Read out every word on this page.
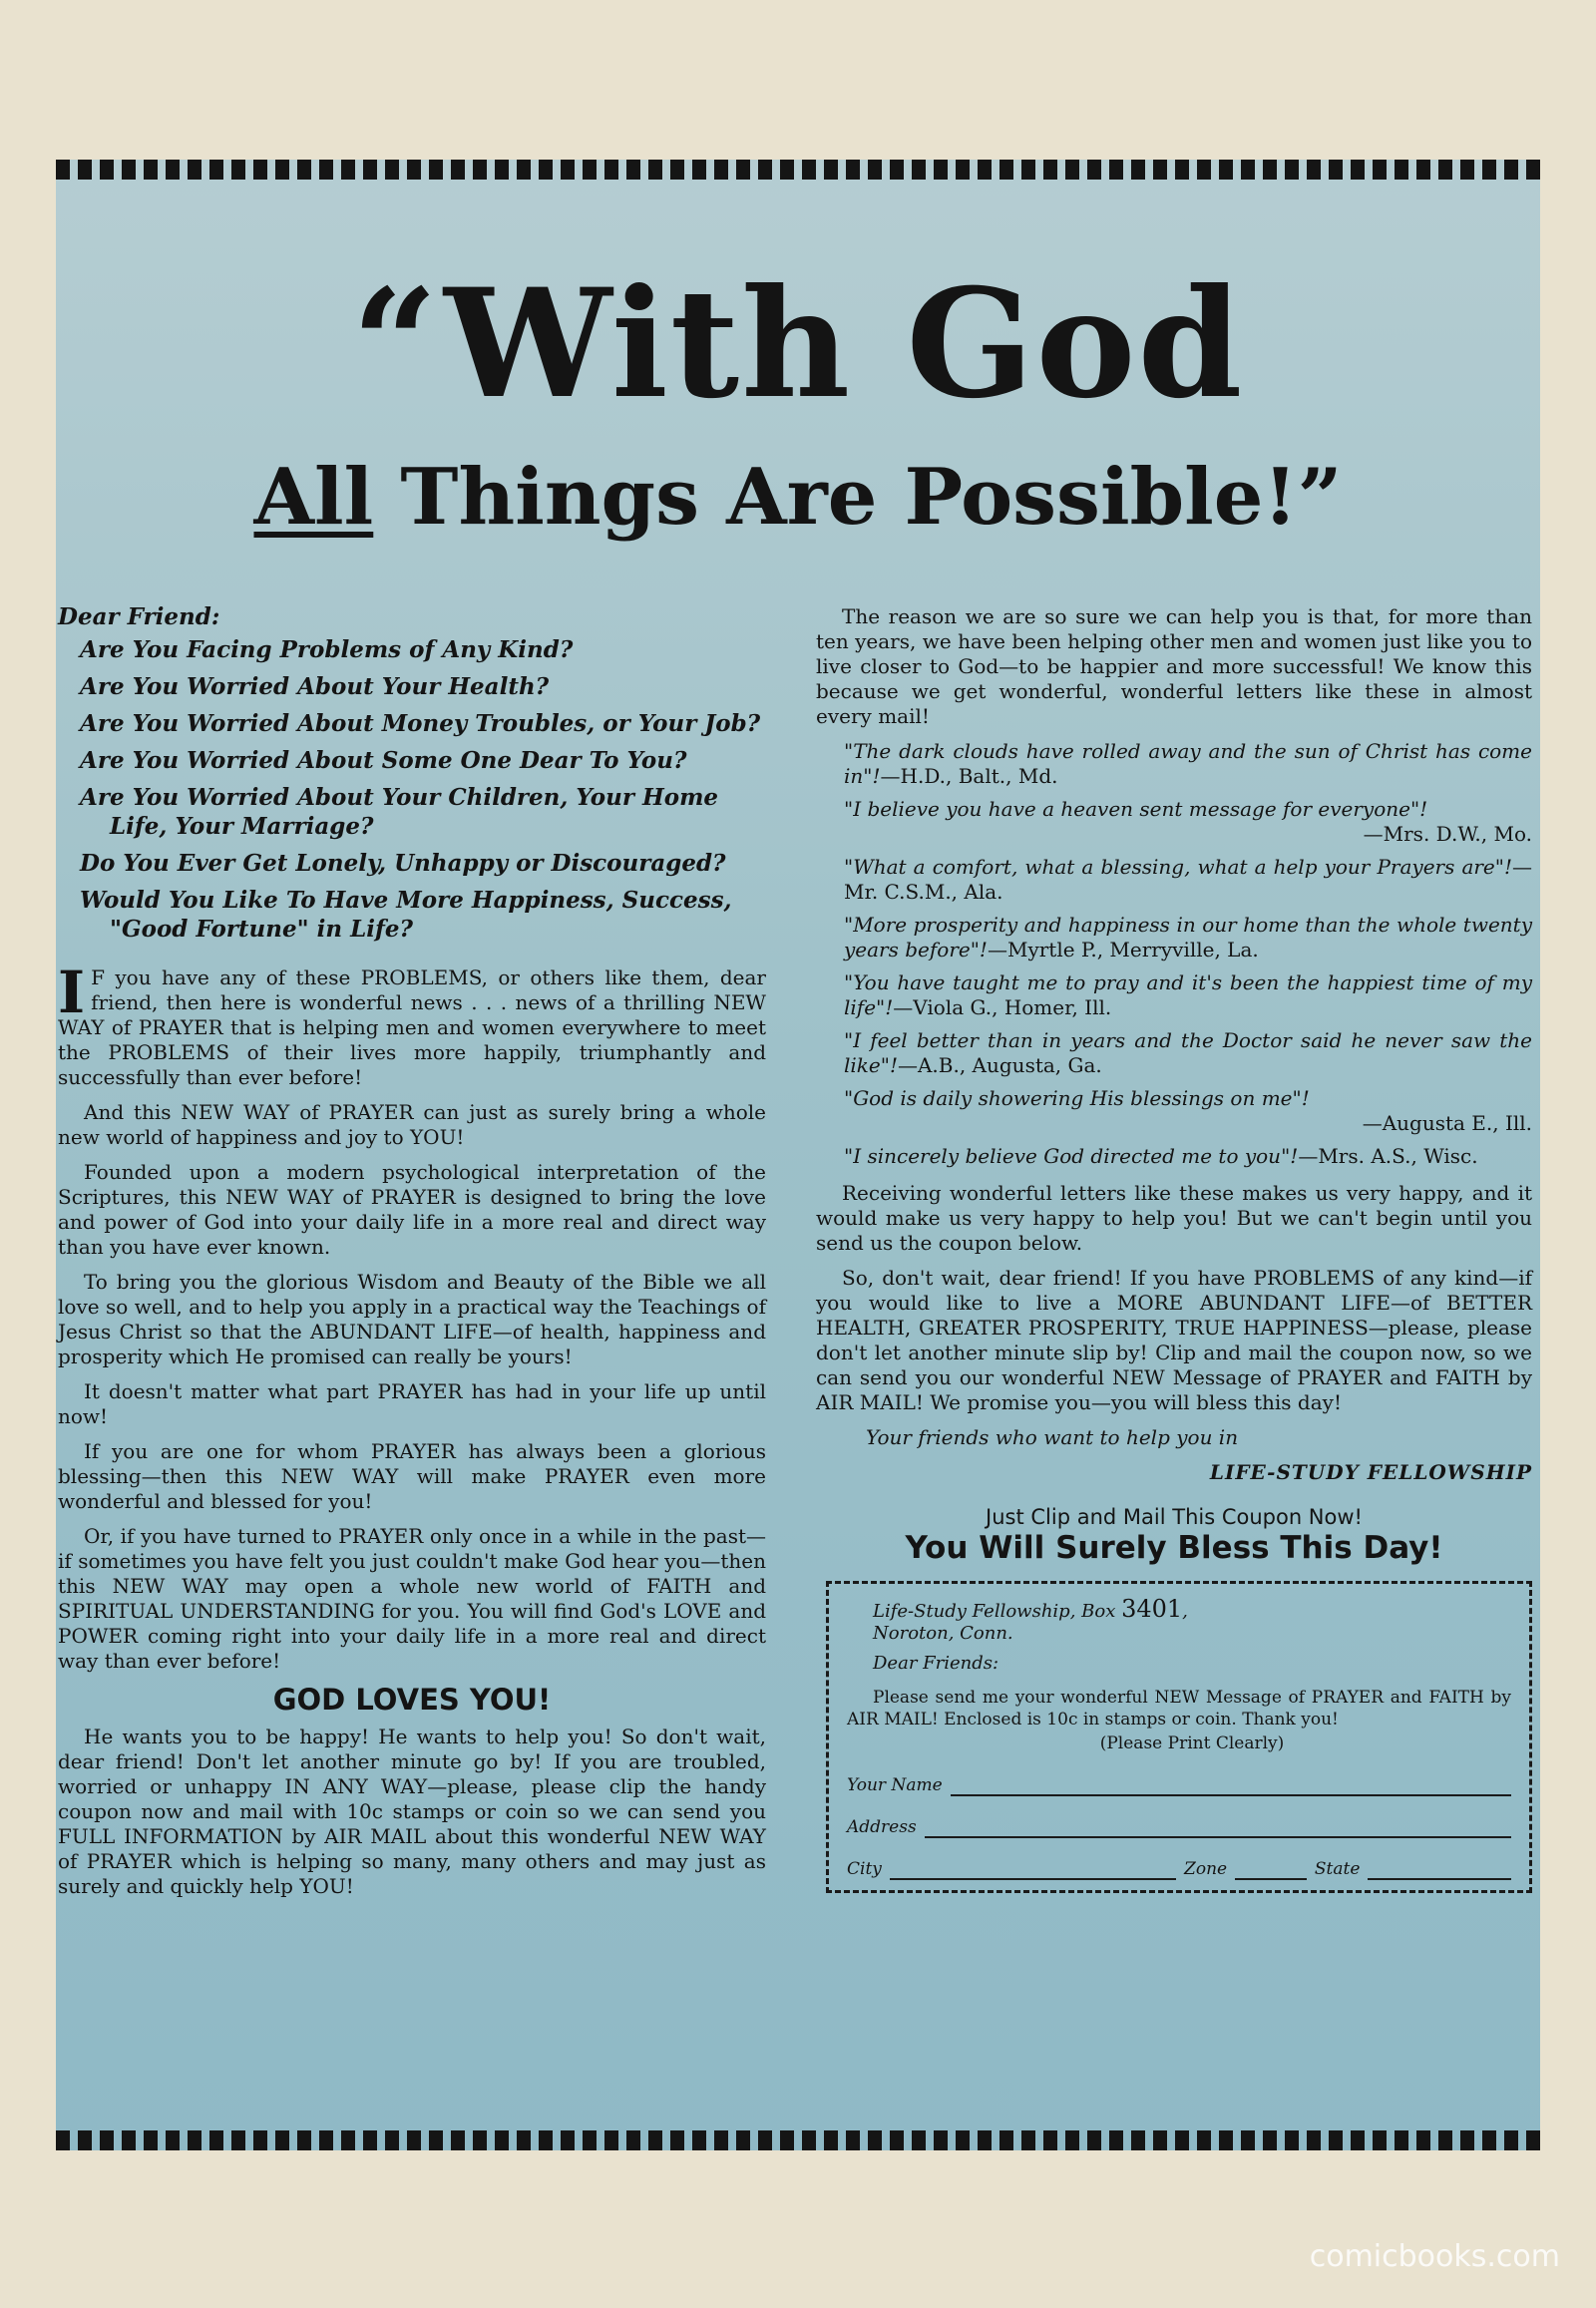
“With God
All Things Are Possible!”
Dear Friend:
Are You Facing Problems of Any Kind?
Are You Worried About Your Health?
Are You Worried About Money Troubles, or Your Job?
Are You Worried About Some One Dear To You?
Are You Worried About Your Children, Your Home Life, Your Marriage?
Do You Ever Get Lonely, Unhappy or Discouraged?
Would You Like To Have More Happiness, Success, "Good Fortune" in Life?

I F you have any of these PROBLEMS, or others like them, dear friend, then here is wonderful news . . . news of a thrilling NEW WAY of PRAYER that is helping men and women everywhere to meet the PROBLEMS of their lives more happily, triumphantly and successfully than ever before!

And this NEW WAY of PRAYER can just as surely bring a whole new world of happiness and joy to YOU!

Founded upon a modern psychological interpretation of the Scriptures, this NEW WAY of PRAYER is designed to bring the love and power of God into your daily life in a more real and direct way than you have ever known.

To bring you the glorious Wisdom and Beauty of the Bible we all love so well, and to help you apply in a practical way the Teachings of Jesus Christ so that the ABUNDANT LIFE—of health, happiness and prosperity which He promised can really be yours!

It doesn't matter what part PRAYER has had in your life up until now!

If you are one for whom PRAYER has always been a glorious blessing—then this NEW WAY will make PRAYER even more wonderful and blessed for you!

Or, if you have turned to PRAYER only once in a while in the past—if sometimes you have felt you just couldn't make God hear you—then this NEW WAY may open a whole new world of FAITH and SPIRITUAL UNDERSTANDING for you. You will find God's LOVE and POWER coming right into your daily life in a more real and direct way than ever before!

GOD LOVES YOU!

He wants you to be happy! He wants to help you! So don't wait, dear friend! Don't let another minute go by! If you are troubled, worried or unhappy IN ANY WAY—please, please clip the handy coupon now and mail with 10c stamps or coin so we can send you FULL INFORMATION by AIR MAIL about this wonderful NEW WAY of PRAYER which is helping so many, many others and may just as surely and quickly help YOU!

The reason we are so sure we can help you is that, for more than ten years, we have been helping other men and women just like you to live closer to God—to be happier and more successful! We know this because we get wonderful, wonderful letters like these in almost every mail!

"The dark clouds have rolled away and the sun of Christ has come in"!—H.D., Balt., Md.
"I believe you have a heaven sent message for everyone"!
—Mrs. D.W., Mo.
"What a comfort, what a blessing, what a help your Prayers are"!—Mr. C.S.M., Ala.
"More prosperity and happiness in our home than the whole twenty years before"!—Myrtle P., Merryville, La.
"You have taught me to pray and it's been the happiest time of my life"!—Viola G., Homer, Ill.
"I feel better than in years and the Doctor said he never saw the like"!—A.B., Augusta, Ga.
"God is daily showering His blessings on me"!
—Augusta E., Ill.
"I sincerely believe God directed me to you"!—Mrs. A.S., Wisc.

Receiving wonderful letters like these makes us very happy, and it would make us very happy to help you! But we can't begin until you send us the coupon below.

So, don't wait, dear friend! If you have PROBLEMS of any kind—if you would like to live a MORE ABUNDANT LIFE—of BETTER HEALTH, GREATER PROSPERITY, TRUE HAPPINESS—please, please don't let another minute slip by! Clip and mail the coupon now, so we can send you our wonderful NEW Message of PRAYER and FAITH by AIR MAIL! We promise you—you will bless this day!

Your friends who want to help you in

LIFE-STUDY FELLOWSHIP
Just Clip and Mail This Coupon Now!
You Will Surely Bless This Day!

Life-Study Fellowship, Box 3401,

Noroton, Conn.

Dear Friends:

Please send me your wonderful NEW Message of PRAYER and FAITH by AIR MAIL! Enclosed is 10c in stamps or coin. Thank you!

(Please Print Clearly)

Your Name
Address
City	Zone	State
comicbooks.com
